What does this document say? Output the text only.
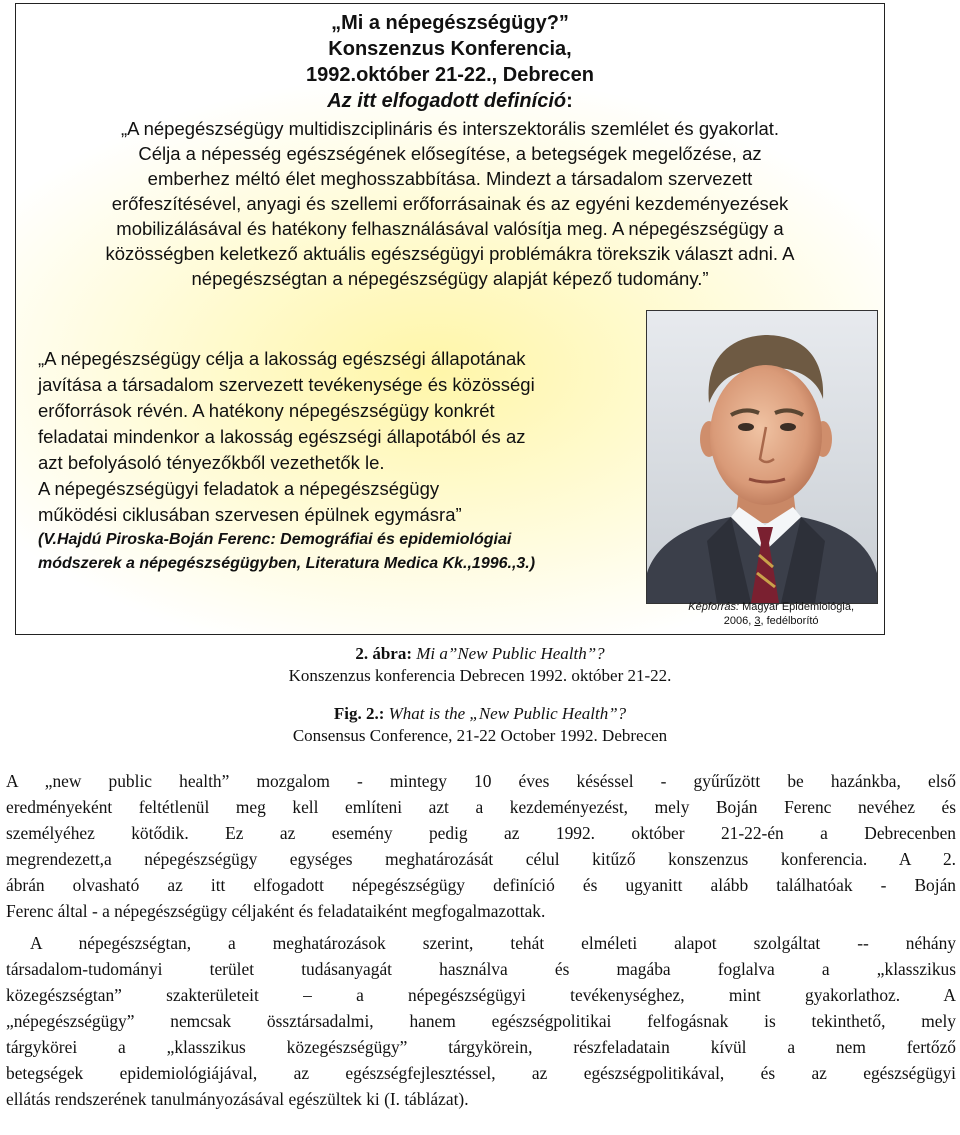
„Mi a népegészségügy?”
Konszenzus Konferencia,
1992.október 21-22., Debrecen
Az itt elfogadott definíció:
„A népegészségügy multidiszciplináris és interszektorális szemlélet és gyakorlat.
Célja a népesség egészségének elősegítése, a betegségek megelőzése, az
emberhez méltó élet meghosszabbítása. Mindezt a társadalom szervezett
erőfeszítésével, anyagi és szellemi erőforrásainak és az egyéni kezdeményezések
mobilizálásával és hatékony felhasználásával valósítja meg. A népegészségügy a
közösségben keletkező aktuális egészségügyi problémákra törekszik választ adni. A
népegészségtan a népegészségügy alapját képező tudomány.”
„A népegészségügy célja a lakosság egészségi állapotának
javítása a társadalom szervezett tevékenysége és közösségi
erőforrások révén. A hatékony népegészségügy konkrét
feladatai mindenkor a lakosság egészségi állapotából és az
azt befolyásoló tényezőkből vezethetők le.
A népegészségügyi feladatok a népegészségügy
működési ciklusában szervesen épülnek egymásra”
(V.Hajdú Piroska-Boján Ferenc: Demográfiai és epidemiológiai
módszerek a népegészségügyben, Literatura Medica Kk.,1996.,3.)
Képforrás: Magyar Epidemiológia,
2006, 3, fedélborító
2. ábra: Mi a”New Public Health”?
Konszenzus konferencia Debrecen 1992. október 21-22.
Fig. 2.: What is the „New Public Health”?
Consensus Conference, 21-22 October 1992. Debrecen
A „new public health” mozgalom - mintegy 10 éves késéssel - gyűrűzött be hazánkba, első
eredményeként feltétlenül meg kell említeni azt a kezdeményezést, mely Boján Ferenc nevéhez és
személyéhez kötődik. Ez az esemény pedig az 1992. október 21-22-én a Debrecenben
megrendezett,a népegészségügy egységes meghatározását célul kitűző konszenzus konferencia. A 2.
ábrán olvasható az itt elfogadott népegészségügy definíció és ugyanitt alább találhatóak - Boján
Ferenc által - a népegészségügy céljaként és feladataiként megfogalmazottak.
A népegészségtan, a meghatározások szerint, tehát elméleti alapot szolgáltat -- néhány
társadalom-tudományi terület tudásanyagát használva és magába foglalva a „klasszikus
közegészségtan” szakterületeit – a népegészségügyi tevékenységhez, mint gyakorlathoz. A
„népegészségügy” nemcsak össztársadalmi, hanem egészségpolitikai felfogásnak is tekinthető, mely
tárgykörei a „klasszikus közegészségügy” tárgykörein, részfeladatain kívül a nem fertőző
betegségek epidemiológiájával, az egészségfejlesztéssel, az egészségpolitikával, és az egészségügyi
ellátás rendszerének tanulmányozásával egészültek ki (I. táblázat).
